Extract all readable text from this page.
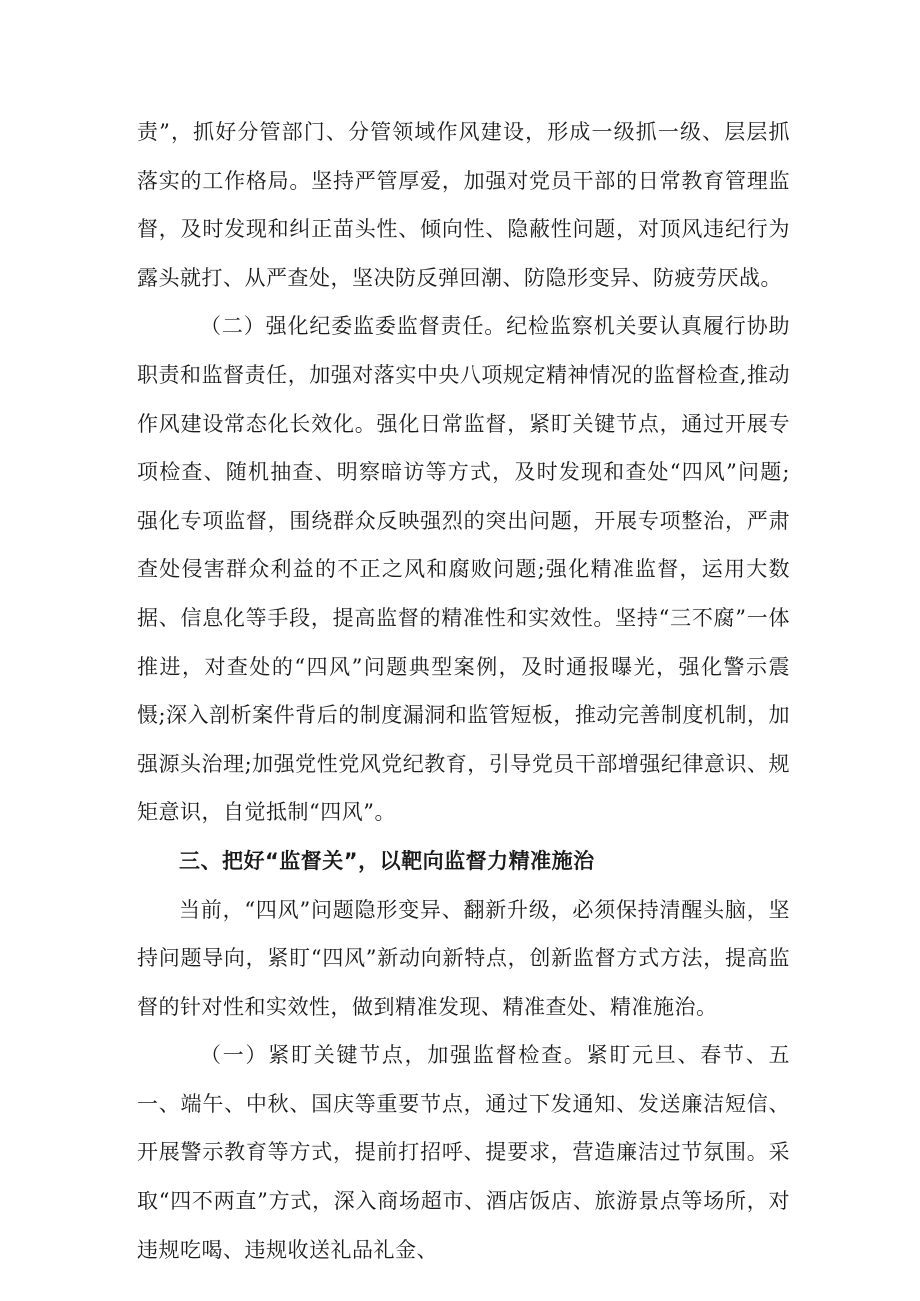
责”，抓好分管部门、分管领域作风建设，形成一级抓一级、层层抓落实的工作格局。坚持严管厚爱，加强对党员干部的日常教育管理监督，及时发现和纠正苗头性、倾向性、隐蔽性问题，对顶风违纪行为露头就打、从严查处，坚决防反弹回潮、防隐形变异、防疲劳厌战。

（二）强化纪委监委监督责任。纪检监察机关要认真履行协助职责和监督责任，加强对落实中央八项规定精神情况的监督检查,推动作风建设常态化长效化。强化日常监督，紧盯关键节点，通过开展专项检查、随机抽查、明察暗访等方式，及时发现和查处“四风”问题;强化专项监督，围绕群众反映强烈的突出问题，开展专项整治，严肃查处侵害群众利益的不正之风和腐败问题;强化精准监督，运用大数据、信息化等手段，提高监督的精准性和实效性。坚持“三不腐”一体推进，对查处的“四风”问题典型案例，及时通报曝光，强化警示震慑;深入剖析案件背后的制度漏洞和监管短板，推动完善制度机制，加强源头治理;加强党性党风党纪教育，引导党员干部增强纪律意识、规矩意识，自觉抵制“四风”。

三、把好“监督关”，以靶向监督力精准施治

当前，“四风”问题隐形变异、翻新升级，必须保持清醒头脑，坚持问题导向，紧盯“四风”新动向新特点，创新监督方式方法，提高监督的针对性和实效性，做到精准发现、精准查处、精准施治。

（一）紧盯关键节点，加强监督检查。紧盯元旦、春节、五一、端午、中秋、国庆等重要节点，通过下发通知、发送廉洁短信、开展警示教育等方式，提前打招呼、提要求，营造廉洁过节氛围。采取“四不两直”方式，深入商场超市、酒店饭店、旅游景点等场所，对违规吃喝、违规收送礼品礼金、
